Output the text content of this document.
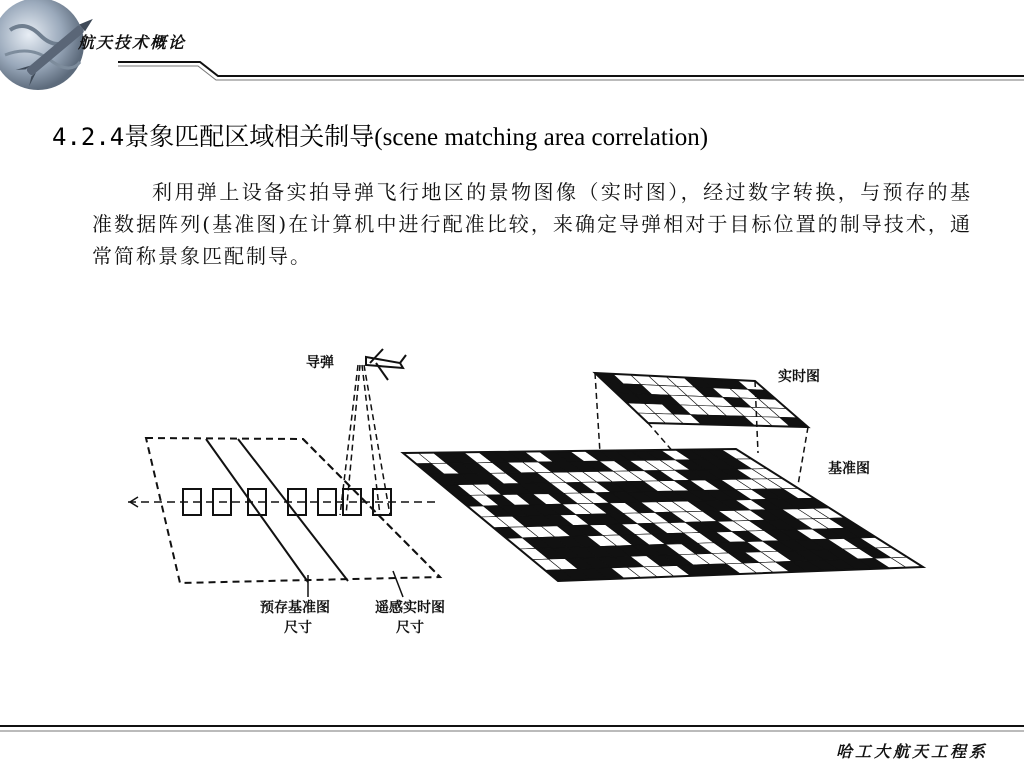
航天技术概论
4.2.4景象匹配区域相关制导(scene matching area correlation)

利用弹上设备实拍导弹飞行地区的景物图像（实时图），经过数字转换，与预存的基准数据阵列(基准图)在计算机中进行配准比较，来确定导弹相对于目标位置的制导技术，通常简称景象匹配制导。

导弹
实时图
基准图
预存基准图
尺寸
遥感实时图
尺寸
哈工大航天工程系
